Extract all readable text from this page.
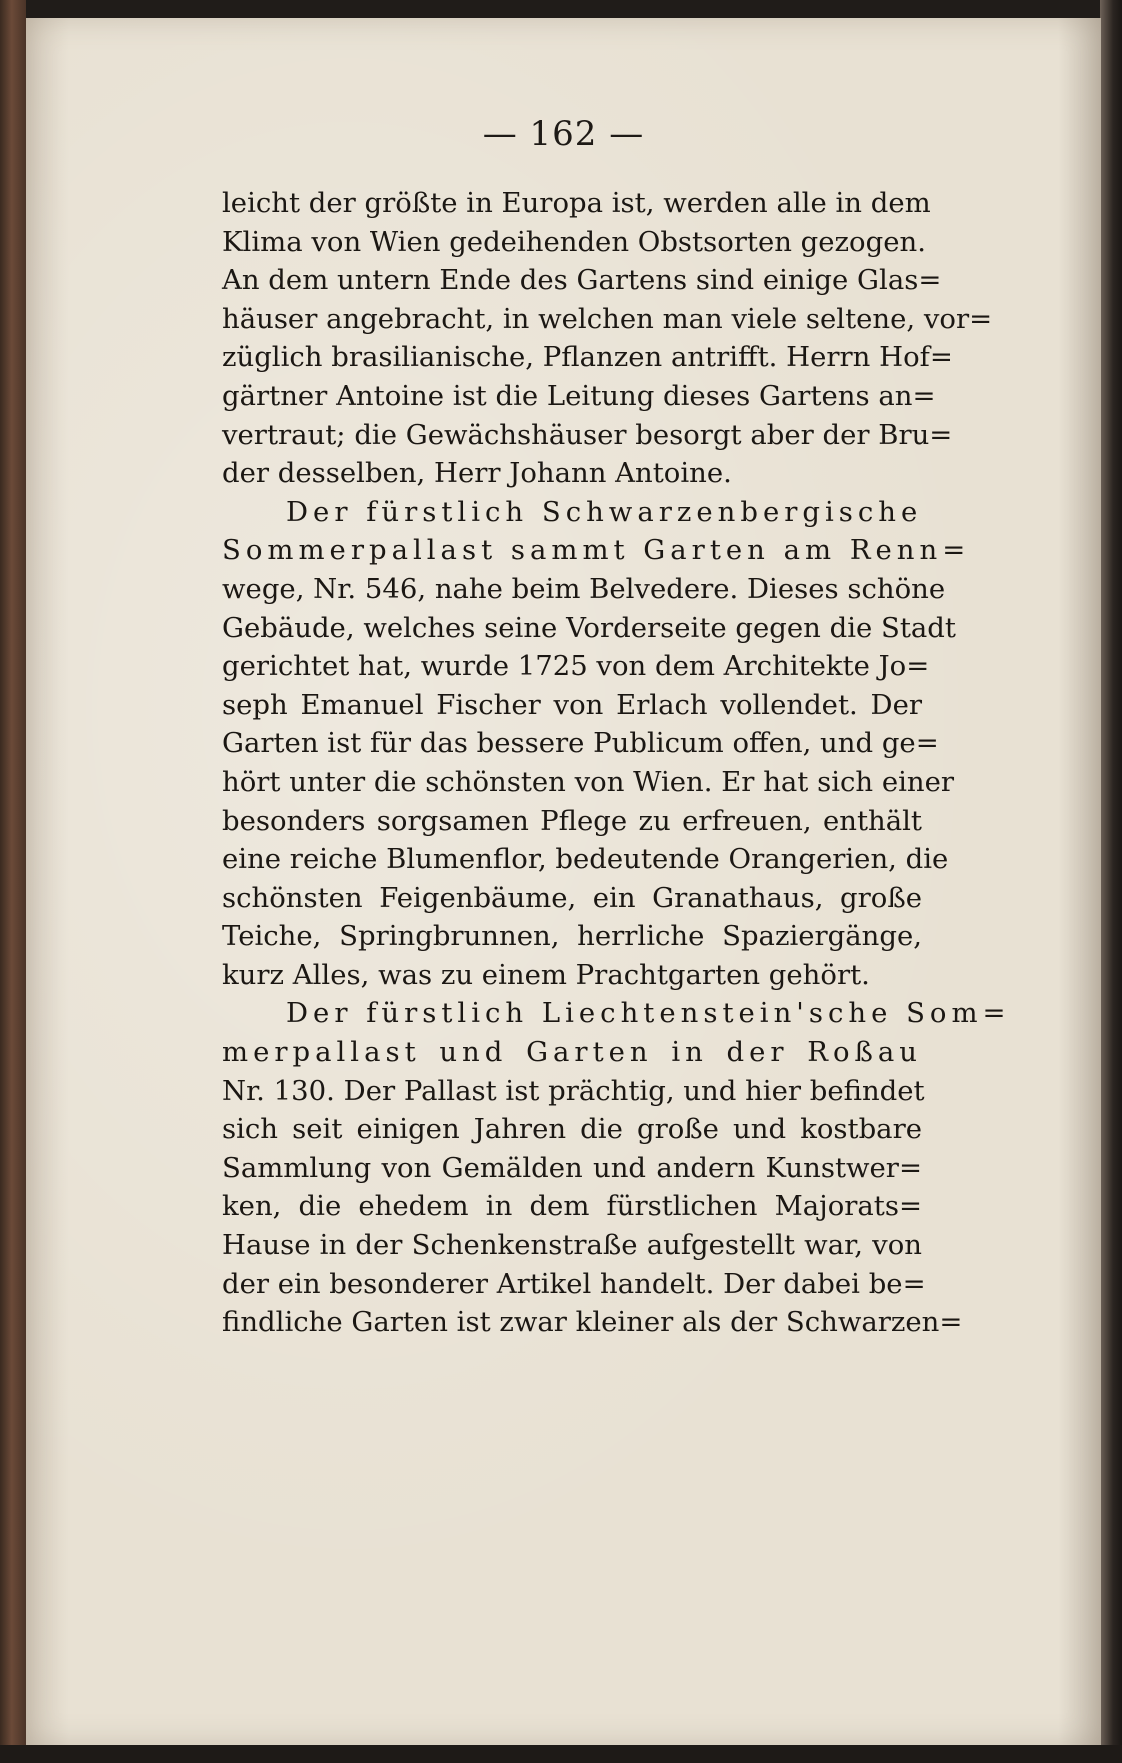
— 162 —
leicht der größte in Europa ist, werden alle in dem
Klima von Wien gedeihenden Obstsorten gezogen.
An dem untern Ende des Gartens sind einige Glas=
häuser angebracht, in welchen man viele seltene, vor=
züglich brasilianische, Pflanzen antrifft. Herrn Hof=
gärtner Antoine ist die Leitung dieses Gartens an=
vertraut; die Gewächshäuser besorgt aber der Bru=
der desselben, Herr Johann Antoine.
Der fürstlich Schwarzenbergische
Sommerpallast sammt Garten am Renn=
wege, Nr. 546, nahe beim Belvedere. Dieses schöne
Gebäude, welches seine Vorderseite gegen die Stadt
gerichtet hat, wurde 1725 von dem Architekte Jo=
seph Emanuel Fischer von Erlach vollendet. Der
Garten ist für das bessere Publicum offen, und ge=
hört unter die schönsten von Wien. Er hat sich einer
besonders sorgsamen Pflege zu erfreuen, enthält
eine reiche Blumenflor, bedeutende Orangerien, die
schönsten Feigenbäume, ein Granathaus, große
Teiche, Springbrunnen, herrliche Spaziergänge,
kurz Alles, was zu einem Prachtgarten gehört.
Der fürstlich Liechtenstein'sche Som=
merpallast und Garten in der Roßau
Nr. 130. Der Pallast ist prächtig, und hier befindet
sich seit einigen Jahren die große und kostbare
Sammlung von Gemälden und andern Kunstwer=
ken, die ehedem in dem fürstlichen Majorats=
Hause in der Schenkenstraße aufgestellt war, von
der ein besonderer Artikel handelt. Der dabei be=
findliche Garten ist zwar kleiner als der Schwarzen=
